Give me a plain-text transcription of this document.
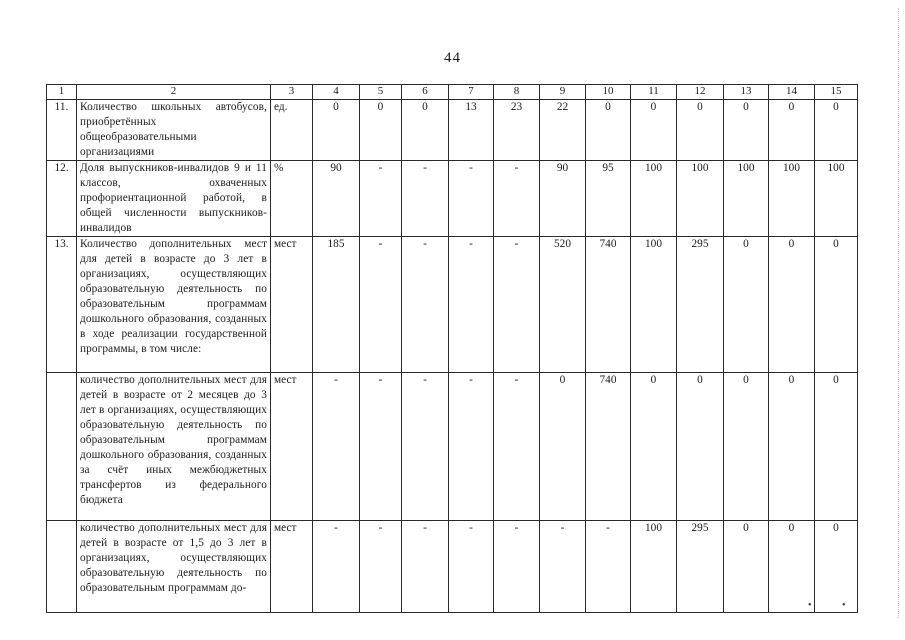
44
1	2	3	4	5	6	7	8	9	10	11	12	13	14	15
11.	Количество школьных автобусов, приобретённых общеобразовательными организациями	ед.	0	0	0	13	23	22	0	0	0	0	0	0
12.	Доля выпускников-инвалидов 9 и 11 классов, охваченных профориентационной работой, в общей численности выпускников-инвалидов	%	90	-	-	-	-	90	95	100	100	100	100	100
13.	Количество дополнительных мест для детей в возрасте до 3 лет в организациях, осуществляющих образовательную деятельность по образовательным программам дошкольного образования, созданных в ходе реализации государственной программы, в том числе:	мест	185	-	-	-	-	520	740	100	295	0	0	0
	количество дополнительных мест для детей в возрасте от 2 месяцев до 3 лет в организациях, осуществляющих образовательную деятельность по образовательным программам дошкольного образования, созданных за счёт иных межбюджетных трансфертов из федерального бюджета	мест	-	-	-	-	-	0	740	0	0	0	0	0
	количество дополнительных мест для детей в возрасте от 1,5 до 3 лет в организациях, осуществляющих образовательную деятельность по образовательным программам до-	мест	-	-	-	-	-	-	-	100	295	0	0	0
•	•
